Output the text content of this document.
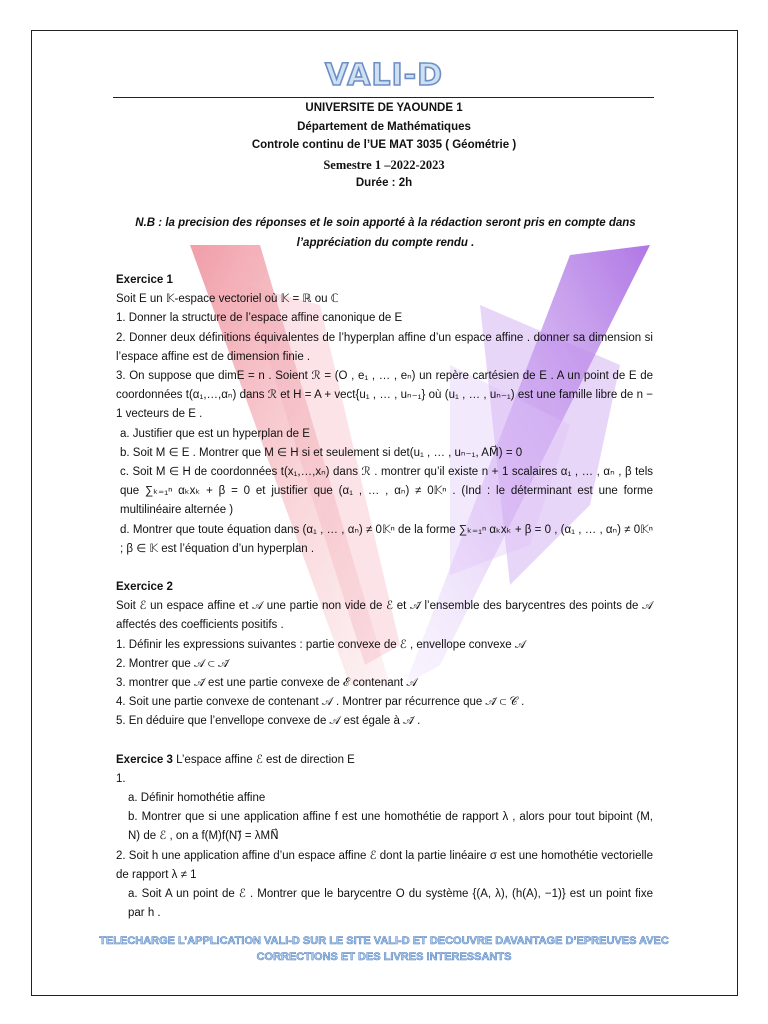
VALI-D
UNIVERSITE DE YAOUNDE 1
Département de Mathématiques
Controle continu de l’UE MAT 3035 ( Géométrie )
Semestre 1 –2022-2023
Durée : 2h
N.B : la precision des réponses et le soin apporté à la rédaction seront pris en compte dans
l’appréciation du compte rendu .
Exercice 1
Soit E un 𝕂-espace vectoriel où 𝕂 = ℝ ou ℂ
1. Donner la structure de l’espace affine canonique de E
2. Donner deux définitions équivalentes de l’hyperplan affine d’un espace affine . donner sa dimension si l’espace affine est de dimension finie .
3. On suppose que dimE = n . Soient ℛ = (O , e₁ , … , eₙ) un repère cartésien de E . A un point de E de coordonnées t(α₁,…,αₙ) dans ℛ et H = A + vect{u₁ , … , uₙ₋₁} où (u₁ , … , uₙ₋₁) est une famille libre de n − 1 vecteurs de E .
a. Justifier que est un hyperplan de E
b. Soit M ∈ E . Montrer que M ∈ H si et seulement si det(u₁ , … , uₙ₋₁, AM⃗) = 0
c. Soit M ∈ H de coordonnées t(x₁,…,xₙ) dans ℛ . montrer qu’il existe n + 1 scalaires α₁ , … , αₙ , β tels que ∑ₖ₌₁ⁿ αₖxₖ + β = 0 et justifier que (α₁ , … , αₙ) ≠ 0𝕂ⁿ . (Ind : le déterminant est une forme multilinéaire alternée )
d. Montrer que toute équation dans (α₁ , … , αₙ) ≠ 0𝕂ⁿ de la forme ∑ₖ₌₁ⁿ αₖxₖ + β = 0 , (α₁ , … , αₙ) ≠ 0𝕂ⁿ ; β ∈ 𝕂 est l’équation d’un hyperplan .
Exercice 2
Soit ℰ un espace affine et 𝒜 une partie non vide de ℰ et 𝒜̃ l’ensemble des barycentres des points de 𝒜 affectés des coefficients positifs .
1. Définir les expressions suivantes : partie convexe de ℰ , envellope convexe 𝒜
2. Montrer que 𝒜 ⊂ 𝒜̃
3. montrer que 𝒜̃ est une partie convexe de ℰ contenant 𝒜
4. Soit une partie convexe de contenant 𝒜 . Montrer par récurrence que 𝒜̃ ⊂ 𝒞 .
5. En déduire que l’envellope convexe de 𝒜 est égale à 𝒜̃ .
Exercice 3 L’espace affine ℰ est de direction E
1.
a. Définir homothétie affine
b. Montrer que si une application affine f est une homothétie de rapport λ , alors pour tout bipoint (M, N) de ℰ , on a f(M)f(N)⃗ = λMN⃗
2. Soit h une application affine d’un espace affine ℰ dont la partie linéaire σ est une homothétie vectorielle de rapport λ ≠ 1
a. Soit A un point de ℰ . Montrer que le barycentre O du système {(A, λ), (h(A), −1)} est un point fixe par h .
TELECHARGE L’APPLICATION VALI-D SUR LE SITE VALI-D ET DECOUVRE DAVANTAGE D’EPREUVES AVEC
CORRECTIONS ET DES LIVRES INTERESSANTS
